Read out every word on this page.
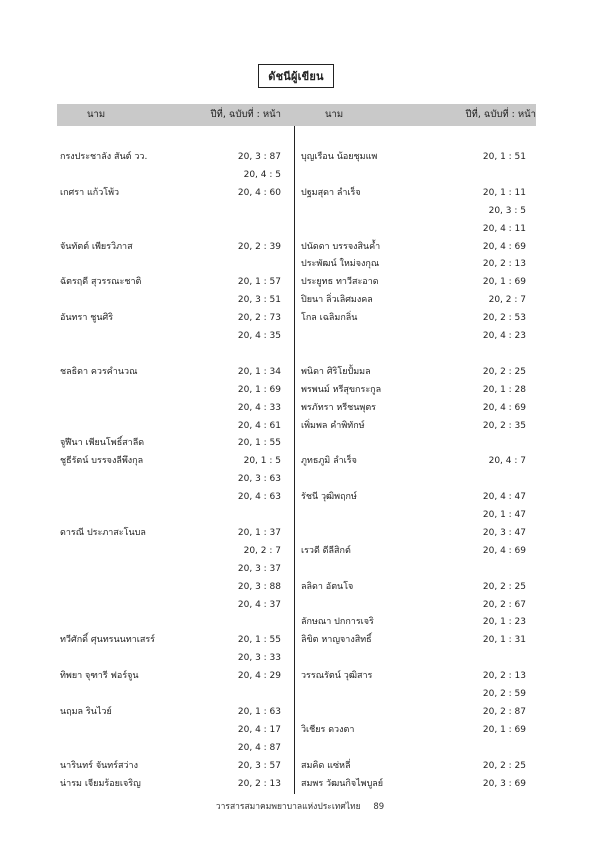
ดัชนีผู้เขียน
นาม	ปีที่, ฉบับที่ : หน้า	นาม	ปีที่, ฉบับที่ : หน้า
กรงประชาลัง สันต์ วว.	20, 3 : 87
20, 4 : 5
เกศรา แก้วโพ้ว	20, 4 : 60
จันทัตต์ เพียรวิภาส	20, 2 : 39
ฉัตรฤดี สุวรรณะชาติ	20, 1 : 57
20, 3 : 51
อันทรา ชูนศิริ	20, 2 : 73
20, 4 : 35
ชลธิดา ควรคำนวณ	20, 1 : 34
20, 1 : 69
20, 4 : 33
20, 4 : 61
จูฬีนา เพียนโพธิ์สาลีด	20, 1 : 55
ชูธีรัตน์ บรรจงลีพึงกุล	20, 1 : 5
20, 3 : 63
20, 4 : 63
ดารณี ประภาสะโนบล	20, 1 : 37
20, 2 : 7
20, 3 : 37
20, 3 : 88
20, 4 : 37
ทวีศักดิ์ ศุนทรนนทาเสรร์	20, 1 : 55
20, 3 : 33
ทิพยา จุฑารี ฟอร์จูน	20, 4 : 29
นฤมล รินไวย์	20, 1 : 63
20, 4 : 17
20, 4 : 87
นารินทร์ จันทร์สว่าง	20, 3 : 57
น่ารม เจียมร้อยเจริญ	20, 2 : 13
บุญเรือน น้อยชุมแพ	20, 1 : 51
ปฐมสุดา ลำเร็จ	20, 1 : 11
20, 3 : 5
20, 4 : 11
ปนัดดา บรรจงสินค้ำ	20, 4 : 69
ประพัฒน์ ใหม่จงกุณ	20, 2 : 13
ประยูทธ ทาวีสะอาด	20, 1 : 69
ปิยนา ลิ่วเลิศมงคล	20, 2 : 7
โกล เฉลิมกลิ่น	20, 2 : 53
20, 4 : 23
พนิดา ศิริโยปั้มมล	20, 2 : 25
พรพนม์ หรีสุขกระกูล	20, 1 : 28
พรภัทรา หรีชนพุตร	20, 4 : 69
เพิ่มพล คำพิทักษ์	20, 2 : 35
ภูทธภูมิ ลำเร็จ	20, 4 : 7
รัชนี วุฒิพฤกษ์	20, 4 : 47
20, 1 : 47
20, 3 : 47
เรวดี ดีลีสิกต์	20, 4 : 69
ลลิดา อัตนโจ	20, 2 : 25
20, 2 : 67
ลักษณา ปกการเจริ	20, 1 : 23
ลิขิต หาญจางสิทธิ์	20, 1 : 31
วรรณรัตน์ วุฒิสาร	20, 2 : 13
20, 2 : 59
20, 2 : 87
วิเชียร ดวงตา	20, 1 : 69
สมคิด แซ่หลี่	20, 2 : 25
สมพร วัฒนกิจไพบูลย์	20, 3 : 69
วารสารสมาคมพยาบาลแห่งประเทศไทย 89
